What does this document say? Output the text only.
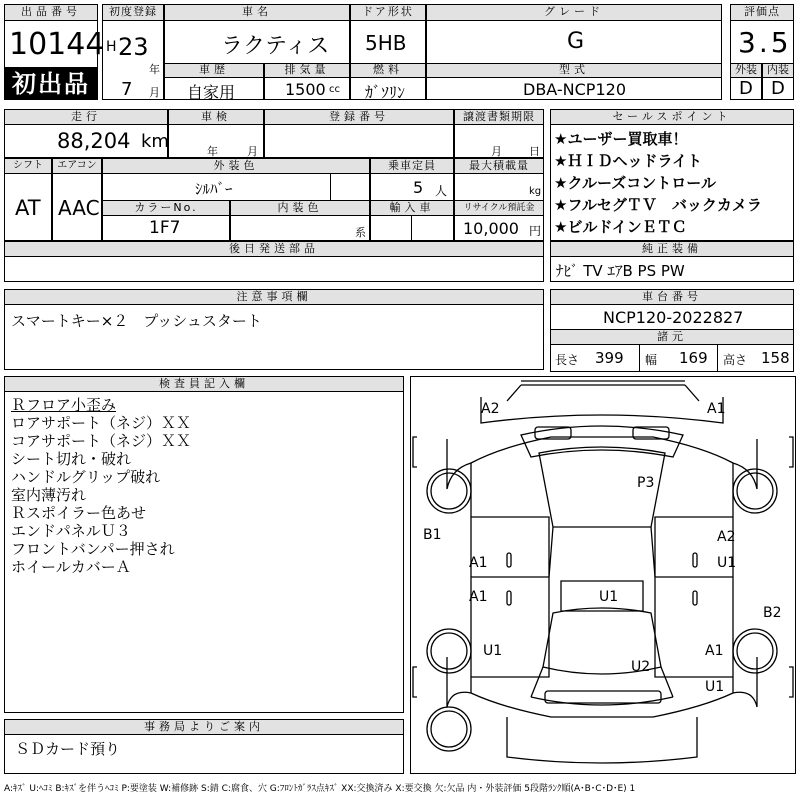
出品番号
10144
初出品
初度登録
H 23
年
7 月
車名
ラクティス
ドア形状
5HB
グレード
G
評価点
3.5
車歴
自家用
排気量
1500 cc
燃料
ｶﾞｿﾘﾝ
型式
DBA-NCP120
外装
D
内装
D
走行
88,204 km
車検
年	月
登録番号	譲渡書類期限
月 日
シフト
AT
エアコン
AAC
外装色
ｼﾙﾊﾞｰ
乗車定員
5 人
最大積載量
kg
カラーNo.
1F7
内装色
系
輸入車	リサイクル預託金
10,000 円
セールスポイント
★ユーザー買取車！
★ＨＩＤヘッドライト
★クルーズコントロール
★フルセグＴＶ　バックカメラ
★ビルドインＥＴＣ
後日発送部品	純正装備
ﾅﾋﾞ TV ｴｱB PS PW
注意事項欄
スマートキー×２　プッシュスタート
車台番号
NCP120-2022827
諸元
長さ 399 幅 169 高さ 158
検査員記入欄
Ｒフロア小歪み
ロアサポート（ネジ）ＸＸ
コアサポート（ネジ）ＸＸ
シート切れ・破れ
ハンドルグリップ破れ
室内薄汚れ
Ｒスポイラー色あせ
エンドパネルＵ３
フロントバンパー押され
ホイールカバーＡ
A2	A1
P3
B1	A2
A1	U1
A1	U1
B2
U1
U2
A1
U1
事務局よりご案内
ＳＤカード預り
A:ｷｽﾞ U:ﾍｺﾐ B:ｷｽﾞを伴うﾍｺﾐ P:要塗装 W:補修跡 S:錆 C:腐食、穴 G:ﾌﾛﾝﾄｶﾞﾗｽ点ｷｽﾞ XX:交換済み X:要交換 欠:欠品 内・外装評価 5段階ﾗﾝｸ順(A･B･C･D･E) 1
